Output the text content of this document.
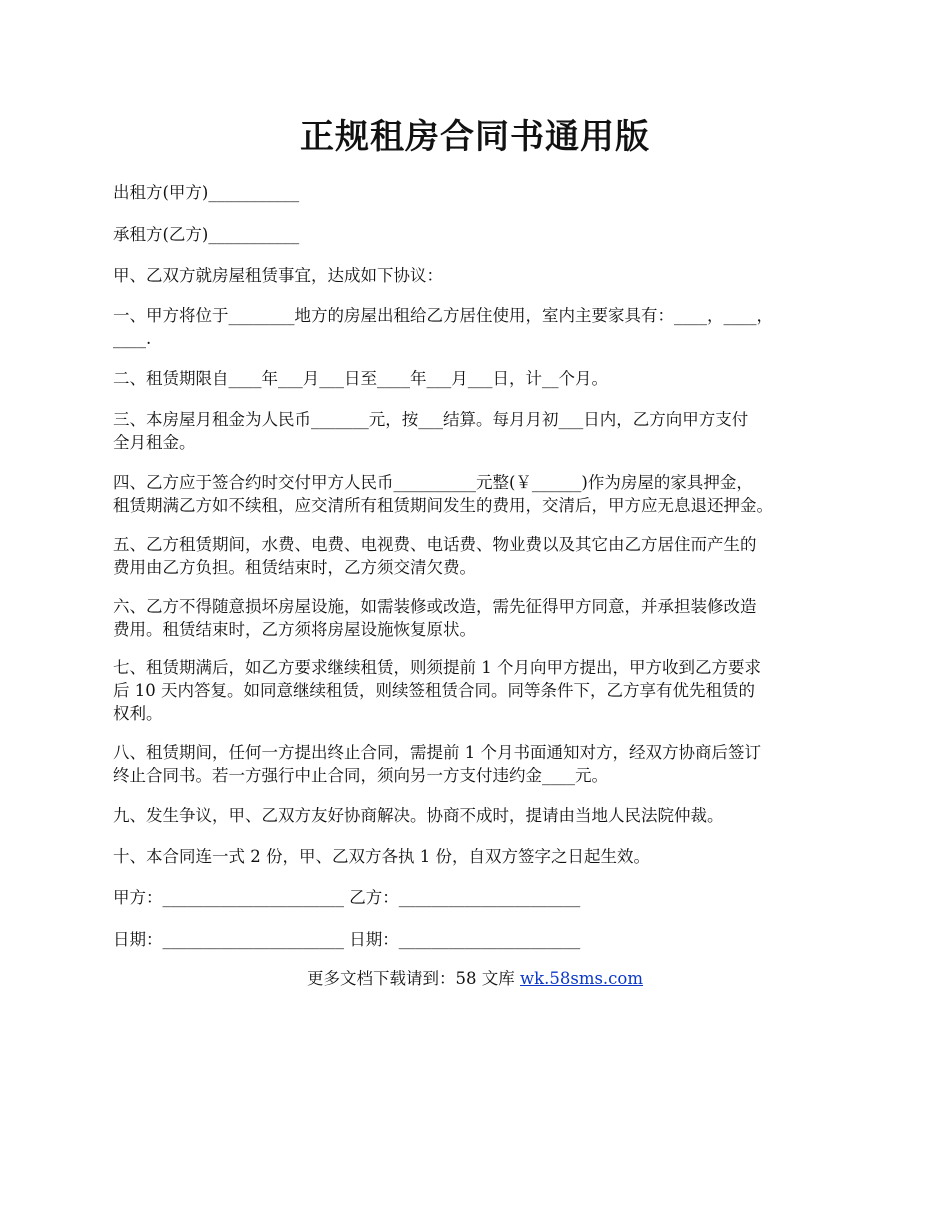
正规租房合同书通用版

出租方(甲方)___________

承租方(乙方)___________

甲、乙双方就房屋租赁事宜，达成如下协议：

一、甲方将位于________地方的房屋出租给乙方居住使用，室内主要家具有：____，____，
____.

二、租赁期限自____年___月___日至____年___月___日，计__个月。

三、本房屋月租金为人民币_______元，按___结算。每月月初___日内，乙方向甲方支付
全月租金。

四、乙方应于签合约时交付甲方人民币__________元整(￥______)作为房屋的家具押金，
租赁期满乙方如不续租，应交清所有租赁期间发生的费用，交清后，甲方应无息退还押金。

五、乙方租赁期间，水费、电费、电视费、电话费、物业费以及其它由乙方居住而产生的
费用由乙方负担。租赁结束时，乙方须交清欠费。

六、乙方不得随意损坏房屋设施，如需装修或改造，需先征得甲方同意，并承担装修改造
费用。租赁结束时，乙方须将房屋设施恢复原状。

七、租赁期满后，如乙方要求继续租赁，则须提前 1 个月向甲方提出，甲方收到乙方要求
后 10 天内答复。如同意继续租赁，则续签租赁合同。同等条件下，乙方享有优先租赁的
权利。

八、租赁期间，任何一方提出终止合同，需提前 1 个月书面通知对方，经双方协商后签订
终止合同书。若一方强行中止合同，须向另一方支付违约金____元。

九、发生争议，甲、乙双方友好协商解决。协商不成时，提请由当地人民法院仲裁。

十、本合同连一式 2 份，甲、乙双方各执 1 份，自双方签字之日起生效。

甲方：______________________ 乙方：______________________

日期：______________________ 日期：______________________

更多文档下载请到：58 文库 wk.58sms.com
